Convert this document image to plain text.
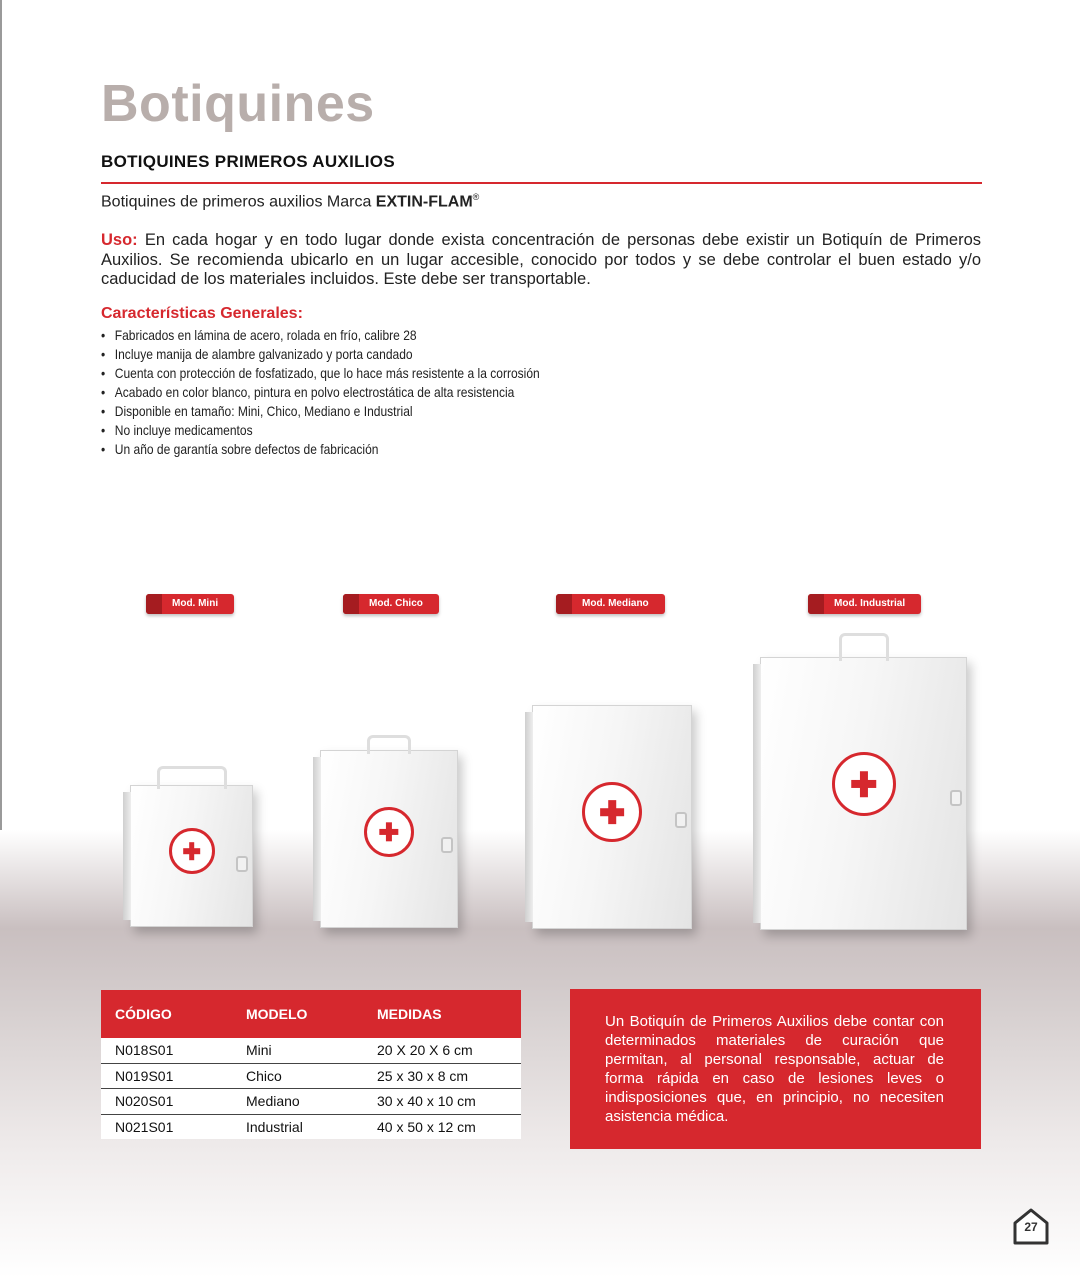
Botiquines
BOTIQUINES PRIMEROS AUXILIOS
Botiquines de primeros auxilios Marca EXTIN-FLAM®

Uso: En cada hogar y en todo lugar donde exista concentración de personas debe existir un Botiquín de Primeros Auxilios. Se recomienda ubicarlo en un lugar accesible, conocido por todos y se debe controlar el buen estado y/o caducidad de los materiales incluidos. Este debe ser transportable.

Características Generales:
• Fabricados en lámina de acero, rolada en frío, calibre 28
• Incluye manija de alambre galvanizado y porta candado
• Cuenta con protección de fosfatizado, que lo hace más resistente a la corrosión
• Acabado en color blanco, pintura en polvo electrostática de alta resistencia
• Disponible en tamaño: Mini, Chico, Mediano e Industrial
• No incluye medicamentos
• Un año de garantía sobre defectos de fabricación
Mod. Mini	Mod. Chico	Mod. Mediano	Mod. Industrial
CÓDIGO	MODELO	MEDIDAS
N018S01	Mini	20 X 20 X 6 cm
N019S01	Chico	25 x 30 x 8 cm
N020S01	Mediano	30 x 40 x 10 cm
N021S01	Industrial	40 x 50 x 12 cm

Un Botiquín de Primeros Auxilios debe contar con determinados materiales de curación que permitan, al personal responsable, actuar de forma rápida en caso de lesiones leves o indisposiciones que, en principio, no necesiten asistencia médica.

27
